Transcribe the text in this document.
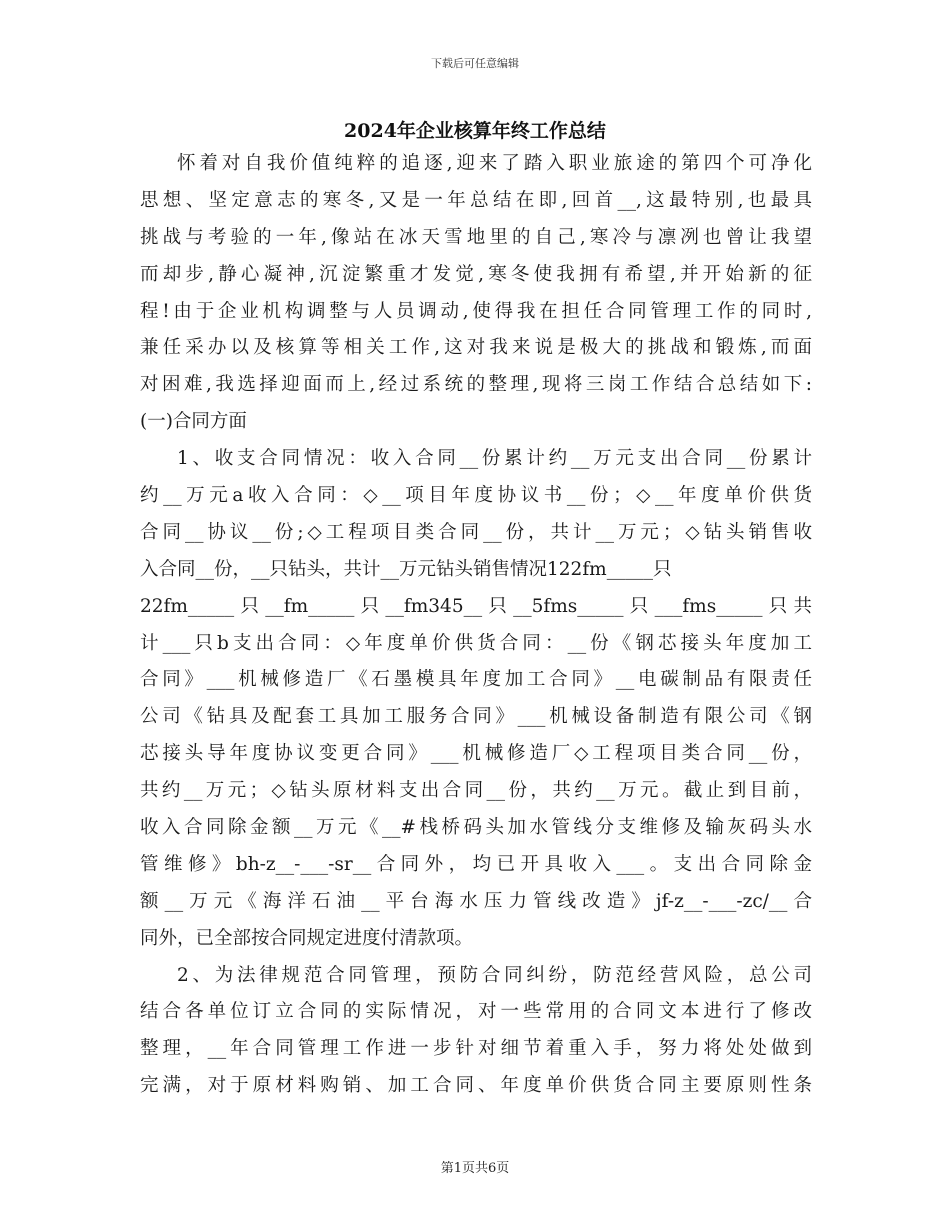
下载后可任意编辑
2024年企业核算年终工作总结
怀着对自我价值纯粹的追逐,迎来了踏入职业旅途的第四个可净化
思想、坚定意志的寒冬,又是一年总结在即,回首__,这最特别,也最具
挑战与考验的一年,像站在冰天雪地里的自己,寒冷与凛冽也曾让我望
而却步,静心凝神,沉淀繁重才发觉,寒冬使我拥有希望,并开始新的征
程!由于企业机构调整与人员调动,使得我在担任合同管理工作的同时,
兼任采办以及核算等相关工作,这对我来说是极大的挑战和锻炼,而面
对困难,我选择迎面而上,经过系统的整理,现将三岗工作结合总结如下:
(一)合同方面
1、收支合同情况：收入合同__份累计约__万元支出合同__份累计
约__万元a收入合同：◇__项目年度协议书__份；◇__年度单价供货
合同__协议__份;◇工程项目类合同__份，共计__万元；◇钻头销售收
入合同__份，__只钻头，共计__万元钻头销售情况122fm_____只
22fm_____只__fm_____只__fm345__只__5fms_____只___fms_____只共
计___只b支出合同：◇年度单价供货合同：__份《钢芯接头年度加工
合同》___机械修造厂《石墨模具年度加工合同》__电碳制品有限责任
公司《钻具及配套工具加工服务合同》___机械设备制造有限公司《钢
芯接头导年度协议变更合同》___机械修造厂◇工程项目类合同__份，
共约__万元；◇钻头原材料支出合同__份，共约__万元。截止到目前，
收入合同除金额__万元《__#栈桥码头加水管线分支维修及输灰码头水
管维修》bh-z__-___-sr__合同外，均已开具收入___。支出合同除金
额__万元《海洋石油__平台海水压力管线改造》jf-z__-___-zc/__合
同外，已全部按合同规定进度付清款项。
2、为法律规范合同管理，预防合同纠纷，防范经营风险，总公司
结合各单位订立合同的实际情况，对一些常用的合同文本进行了修改
整理，__年合同管理工作进一步针对细节着重入手，努力将处处做到
完满，对于原材料购销、加工合同、年度单价供货合同主要原则性条
第1页共6页
